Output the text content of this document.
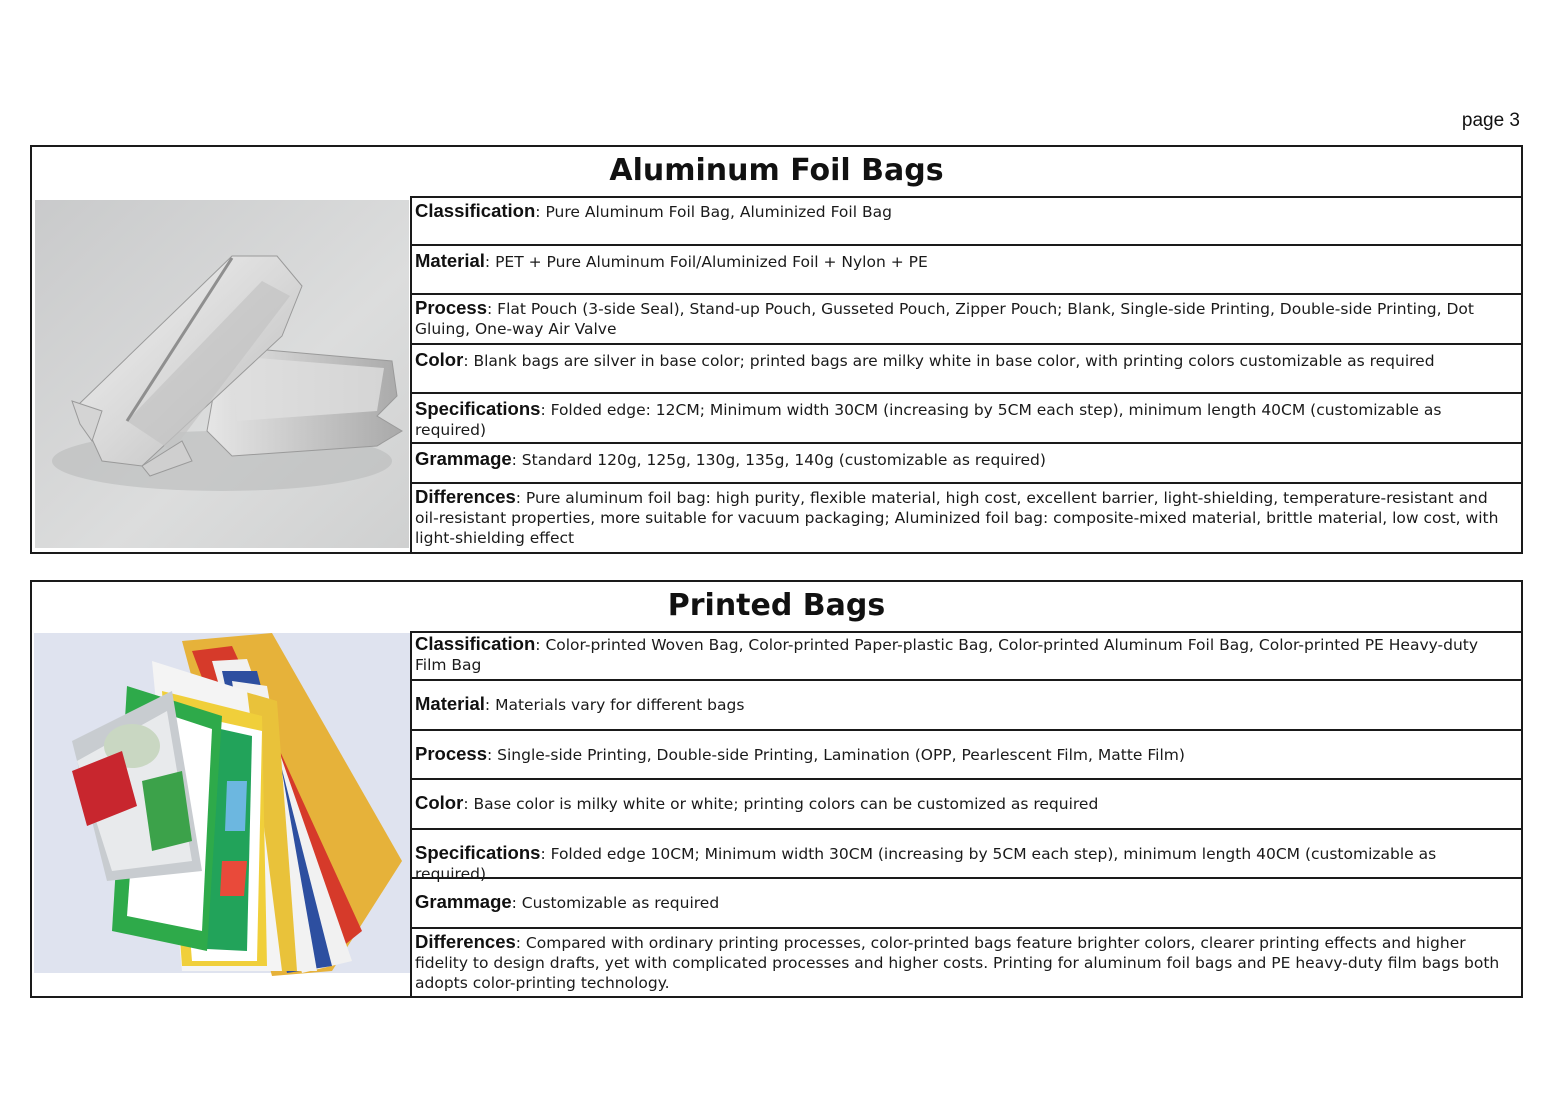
page 3
Aluminum Foil Bags
Classification: Pure Aluminum Foil Bag, Aluminized Foil Bag
Material: PET + Pure Aluminum Foil/Aluminized Foil + Nylon + PE
Process: Flat Pouch (3-side Seal), Stand-up Pouch, Gusseted Pouch, Zipper Pouch; Blank, Single-side Printing, Double-side Printing, Dot Gluing, One-way Air Valve
Color: Blank bags are silver in base color; printed bags are milky white in base color, with printing colors customizable as required
Specifications: Folded edge: 12CM; Minimum width 30CM (increasing by 5CM each step), minimum length 40CM (customizable as required)
Grammage: Standard 120g, 125g, 130g, 135g, 140g (customizable as required)
Differences: Pure aluminum foil bag: high purity, flexible material, high cost, excellent barrier, light-shielding, temperature-resistant and oil-resistant properties, more suitable for vacuum packaging; Aluminized foil bag: composite-mixed material, brittle material, low cost, with light-shielding effect
Printed Bags
Classification: Color-printed Woven Bag, Color-printed Paper-plastic Bag, Color-printed Aluminum Foil Bag, Color-printed PE Heavy-duty Film Bag
Material: Materials vary for different bags
Process: Single-side Printing, Double-side Printing, Lamination (OPP, Pearlescent Film, Matte Film)
Color: Base color is milky white or white; printing colors can be customized as required
Specifications: Folded edge 10CM; Minimum width 30CM (increasing by 5CM each step), minimum length 40CM (customizable as required)
Grammage: Customizable as required
Differences: Compared with ordinary printing processes, color-printed bags feature brighter colors, clearer printing effects and higher fidelity to design drafts, yet with complicated processes and higher costs. Printing for aluminum foil bags and PE heavy-duty film bags both adopts color-printing technology.
